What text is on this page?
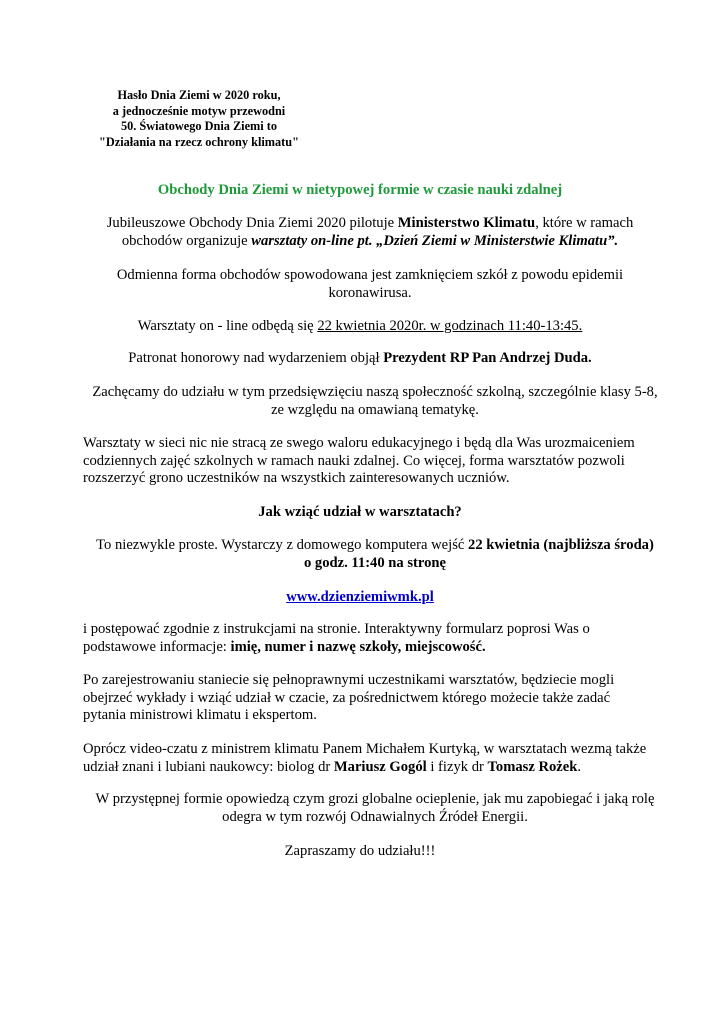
Hasło Dnia Ziemi w 2020 roku,
a jednocześnie motyw przewodni
50. Światowego Dnia Ziemi to
"Działania na rzecz ochrony klimatu"
Obchody Dnia Ziemi w nietypowej formie w czasie nauki zdalnej
Jubileuszowe Obchody Dnia Ziemi 2020 pilotuje Ministerstwo Klimatu, które w ramach
obchodów organizuje warsztaty on-line pt. „Dzień Ziemi w Ministerstwie Klimatu”.
Odmienna forma obchodów spowodowana jest zamknięciem szkół z powodu epidemii
koronawirusa.
Warsztaty on - line odbędą się 22 kwietnia 2020r. w godzinach 11:40-13:45.
Patronat honorowy nad wydarzeniem objął Prezydent RP Pan Andrzej Duda.
Zachęcamy do udziału w tym przedsięwzięciu naszą społeczność szkolną, szczególnie klasy 5-8,
ze względu na omawianą tematykę.
Warsztaty w sieci nic nie stracą ze swego waloru edukacyjnego i będą dla Was urozmaiceniem
codziennych zajęć szkolnych w ramach nauki zdalnej. Co więcej, forma warsztatów pozwoli
rozszerzyć grono uczestników na wszystkich zainteresowanych uczniów.
Jak wziąć udział w warsztatach?
To niezwykle proste. Wystarczy z domowego komputera wejść 22 kwietnia (najbliższa środa)
o godz. 11:40 na stronę
www.dzienziemiwmk.pl
i postępować zgodnie z instrukcjami na stronie. Interaktywny formularz poprosi Was o
podstawowe informacje: imię, numer i nazwę szkoły, miejscowość.
Po zarejestrowaniu staniecie się pełnoprawnymi uczestnikami warsztatów, będziecie mogli
obejrzeć wykłady i wziąć udział w czacie, za pośrednictwem którego możecie także zadać
pytania ministrowi klimatu i ekspertom.
Oprócz video-czatu z ministrem klimatu Panem Michałem Kurtyką, w warsztatach wezmą także
udział znani i lubiani naukowcy: biolog dr Mariusz Gogól i fizyk dr Tomasz Rożek.
W przystępnej formie opowiedzą czym grozi globalne ocieplenie, jak mu zapobiegać i jaką rolę
odegra w tym rozwój Odnawialnych Źródeł Energii.
Zapraszamy do udziału!!!
